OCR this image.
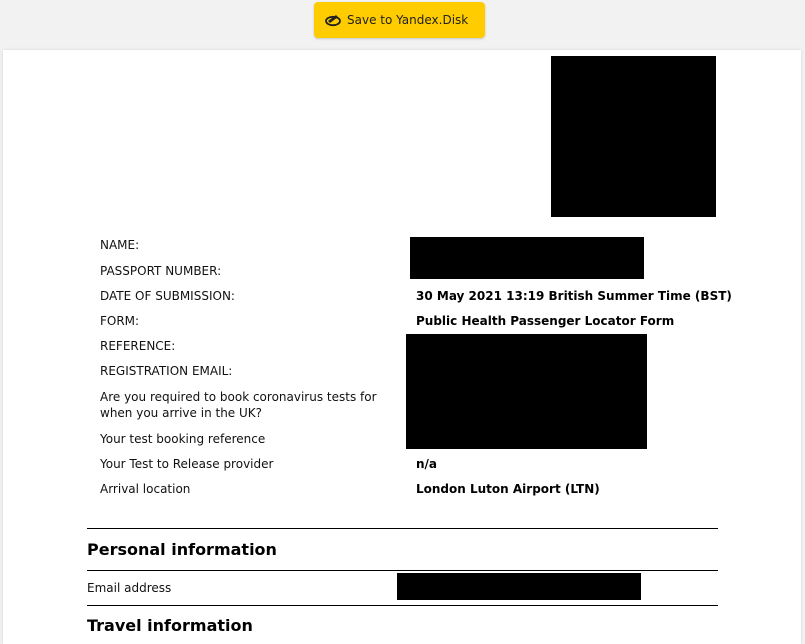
Save to Yandex.Disk
NAME:
PASSPORT NUMBER:
DATE OF SUBMISSION:	30 May 2021 13:19 British Summer Time (BST)
FORM:	Public Health Passenger Locator Form
REFERENCE:
REGISTRATION EMAIL:
Are you required to book coronavirus tests for when you arrive in the UK?
Your test booking reference
Your Test to Release provider	n/a
Arrival location	London Luton Airport (LTN)
Personal information
Email address
Travel information
